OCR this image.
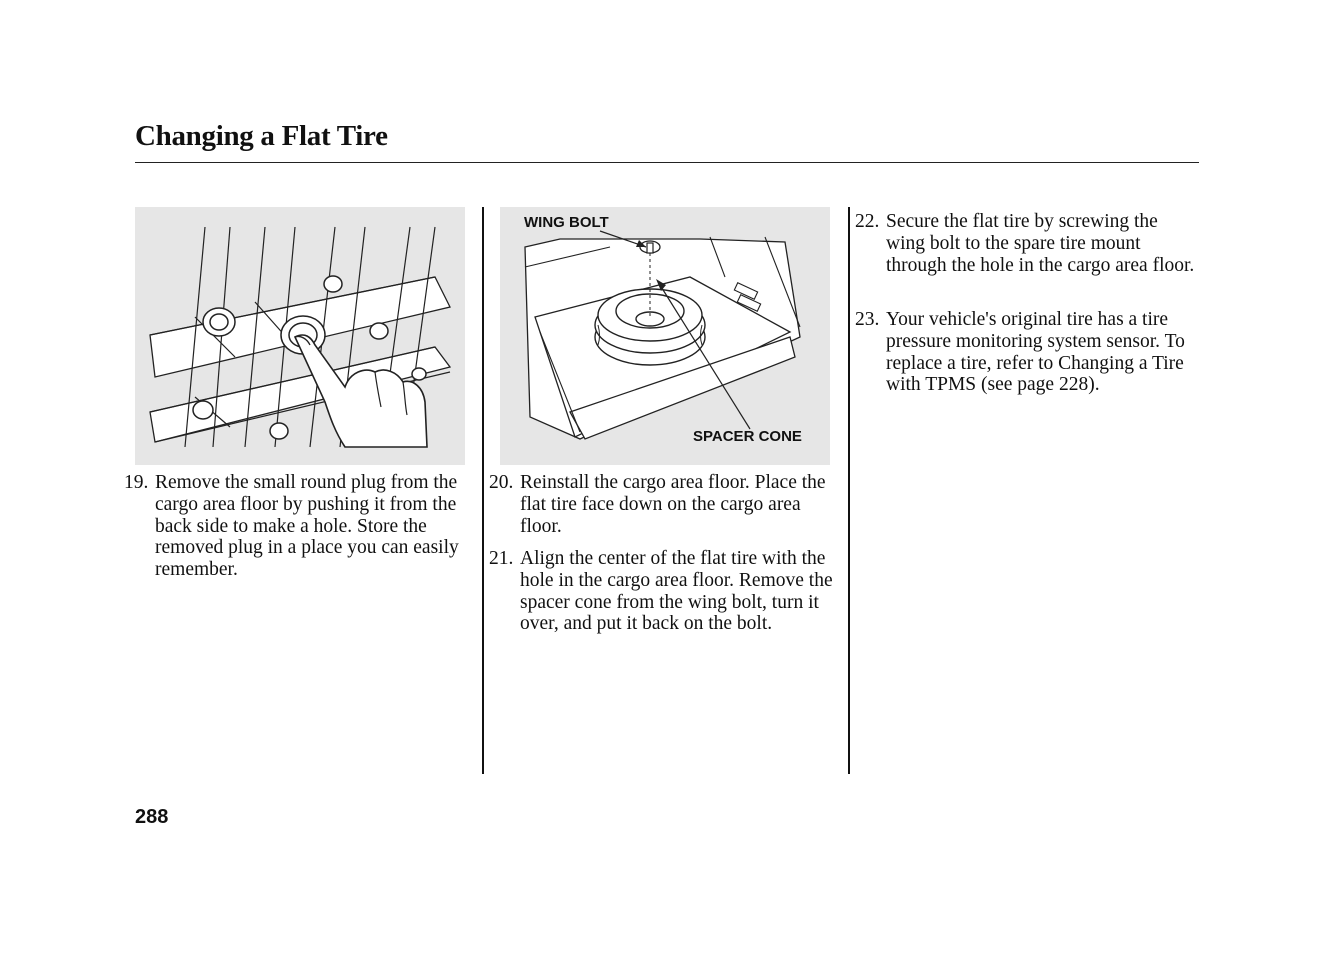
Changing a Flat Tire
WING BOLT
SPACER CONE
19. Remove the small round plug from the cargo area floor by pushing it from the back side to make a hole. Store the removed plug in a place you can easily remember.
20. Reinstall the cargo area floor. Place the flat tire face down on the cargo area floor.
21. Align the center of the flat tire with the hole in the cargo area floor. Remove the spacer cone from the wing bolt, turn it over, and put it back on the bolt.
22. Secure the flat tire by screwing the wing bolt to the spare tire mount through the hole in the cargo area floor.
23. Your vehicle's original tire has a tire pressure monitoring system sensor. To replace a tire, refer to Changing a Tire with TPMS (see page 228).
288
